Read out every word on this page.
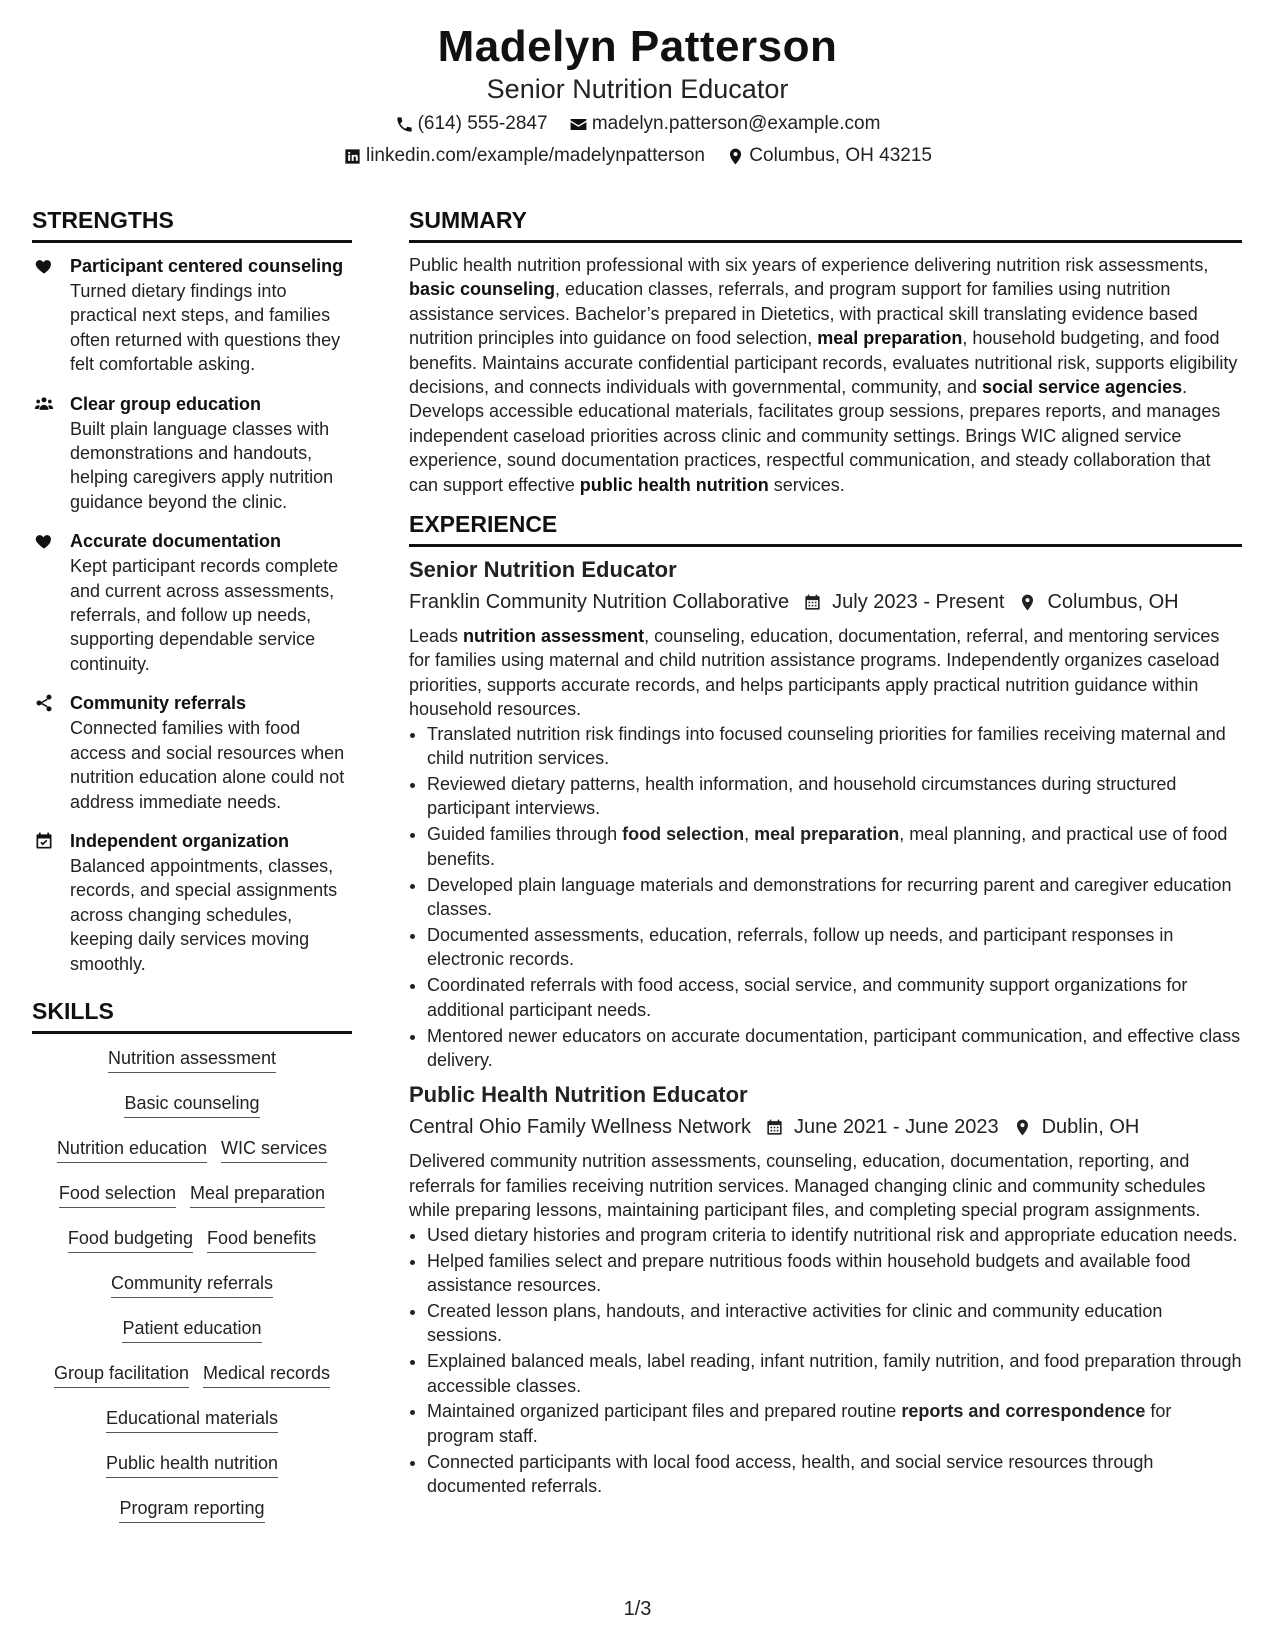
Madelyn Patterson
Senior Nutrition Educator
(614) 555-2847
madelyn.patterson@example.com
linkedin.com/example/madelynpatterson
Columbus, OH 43215
STRENGTHS
Participant centered counseling
Turned dietary findings into practical next steps, and families often returned with questions they felt comfortable asking.
Clear group education
Built plain language classes with demonstrations and handouts, helping caregivers apply nutrition guidance beyond the clinic.
Accurate documentation
Kept participant records complete and current across assessments, referrals, and follow up needs, supporting dependable service continuity.
Community referrals
Connected families with food access and social resources when nutrition education alone could not address immediate needs.
Independent organization
Balanced appointments, classes, records, and special assignments across changing schedules, keeping daily services moving smoothly.
SKILLS
Nutrition assessment
Basic counseling
Nutrition education WIC services
Food selection Meal preparation
Food budgeting Food benefits
Community referrals
Patient education
Group facilitation Medical records
Educational materials
Public health nutrition
Program reporting
SUMMARY

Public health nutrition professional with six years of experience delivering nutrition risk assessments, basic counseling, education classes, referrals, and program support for families using nutrition assistance services. Bachelor’s prepared in Dietetics, with practical skill translating evidence based nutrition principles into guidance on food selection, meal preparation, household budgeting, and food benefits. Maintains accurate confidential participant records, evaluates nutritional risk, supports eligibility decisions, and connects individuals with governmental, community, and social service agencies. Develops accessible educational materials, facilitates group sessions, prepares reports, and manages independent caseload priorities across clinic and community settings. Brings WIC aligned service experience, sound documentation practices, respectful communication, and steady collaboration that can support effective public health nutrition services.

EXPERIENCE
Senior Nutrition Educator
Franklin Community Nutrition Collaborative July 2023 - Present Columbus, OH

Leads nutrition assessment, counseling, education, documentation, referral, and mentoring services for families using maternal and child nutrition assistance programs. Independently organizes caseload priorities, supports accurate records, and helps participants apply practical nutrition guidance within household resources.

• Translated nutrition risk findings into focused counseling priorities for families receiving maternal and child nutrition services.
• Reviewed dietary patterns, health information, and household circumstances during structured participant interviews.
• Guided families through food selection, meal preparation, meal planning, and practical use of food benefits.
• Developed plain language materials and demonstrations for recurring parent and caregiver education classes.
• Documented assessments, education, referrals, follow up needs, and participant responses in electronic records.
• Coordinated referrals with food access, social service, and community support organizations for additional participant needs.
• Mentored newer educators on accurate documentation, participant communication, and effective class delivery.
Public Health Nutrition Educator
Central Ohio Family Wellness Network June 2021 - June 2023 Dublin, OH

Delivered community nutrition assessments, counseling, education, documentation, reporting, and referrals for families receiving nutrition services. Managed changing clinic and community schedules while preparing lessons, maintaining participant files, and completing special program assignments.

• Used dietary histories and program criteria to identify nutritional risk and appropriate education needs.
• Helped families select and prepare nutritious foods within household budgets and available food assistance resources.
• Created lesson plans, handouts, and interactive activities for clinic and community education sessions.
• Explained balanced meals, label reading, infant nutrition, family nutrition, and food preparation through accessible classes.
• Maintained organized participant files and prepared routine reports and correspondence for program staff.
• Connected participants with local food access, health, and social service resources through documented referrals.
1/3
